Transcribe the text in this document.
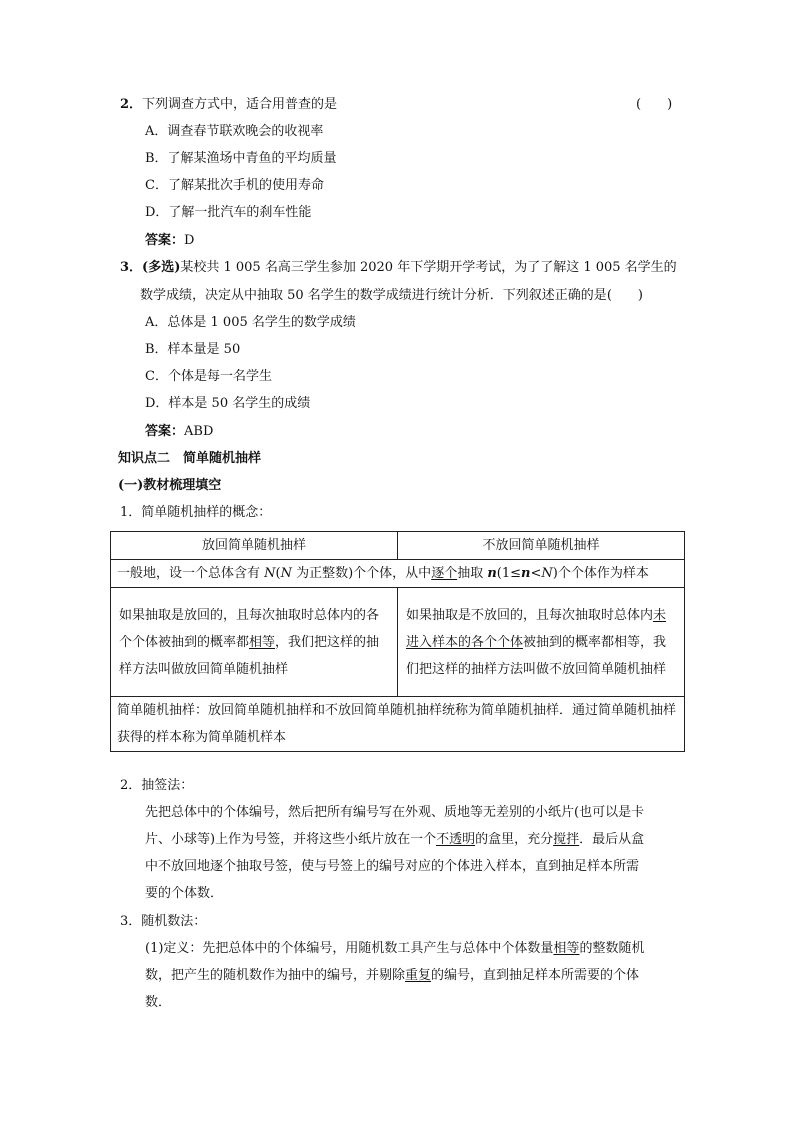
2．下列调查方式中，适合用普查的是	(　　)
A．调查春节联欢晚会的收视率
B．了解某渔场中青鱼的平均质量
C．了解某批次手机的使用寿命
D．了解一批汽车的刹车性能
答案：D
3．(多选)某校共 1 005 名高三学生参加 2020 年下学期开学考试，为了了解这 1 005 名学生的
数学成绩，决定从中抽取 50 名学生的数学成绩进行统计分析．下列叙述正确的是(　　)
A．总体是 1 005 名学生的数学成绩
B．样本量是 50
C．个体是每一名学生
D．样本是 50 名学生的成绩
答案：ABD
知识点二　简单随机抽样
(一)教材梳理填空
1．简单随机抽样的概念：
放回简单随机抽样	不放回简单随机抽样
一般地，设一个总体含有 N(N 为正整数)个个体，从中逐个抽取 n(1≤n<N)个个体作为样本	

如果抽取是放回的，且每次抽取时总体内的各个个体被抽到的概率都相等，我们把这样的抽样方法叫做放回简单随机抽样	如果抽取是不放回的，且每次抽取时总体内未进入样本的各个个体被抽到的概率都相等，我们把这样的抽样方法叫做不放回简单随机抽样

简单随机抽样：放回简单随机抽样和不放回简单随机抽样统称为简单随机抽样．通过简单随机抽样获得的样本称为简单随机样本	
2．抽签法：
先把总体中的个体编号，然后把所有编号写在外观、质地等无差别的小纸片(也可以是卡
片、小球等)上作为号签，并将这些小纸片放在一个不透明的盒里，充分搅拌．最后从盒
中不放回地逐个抽取号签，使与号签上的编号对应的个体进入样本，直到抽足样本所需
要的个体数．
3．随机数法：
(1)定义：先把总体中的个体编号，用随机数工具产生与总体中个体数量相等的整数随机
数，把产生的随机数作为抽中的编号，并剔除重复的编号，直到抽足样本所需要的个体
数．
